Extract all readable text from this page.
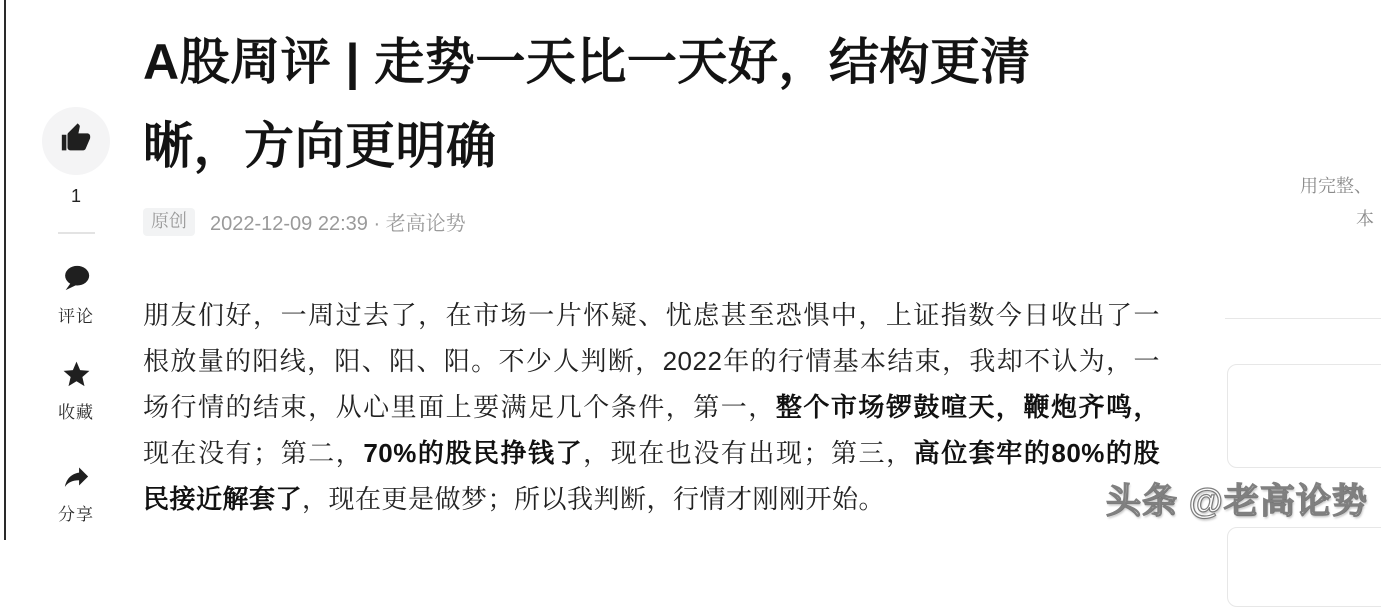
1
评论
收藏
分享
A股周评 | 走势一天比一天好，结构更清
晰，方向更明确
原创	2022-12-09 22:39 · 老高论势
朋友们好，一周过去了，在市场一片怀疑、忧虑甚至恐惧中，上证指数今日收出了一
根放量的阳线，阳、阳、阳。不少人判断，2022年的行情基本结束，我却不认为，一
场行情的结束，从心里面上要满足几个条件，第一，整个市场锣鼓喧天，鞭炮齐鸣，
现在没有；第二，70%的股民挣钱了，现在也没有出现；第三，高位套牢的80%的股
民接近解套了，现在更是做梦；所以我判断，行情才刚刚开始。
用完整、
本
头条 @老高论势
